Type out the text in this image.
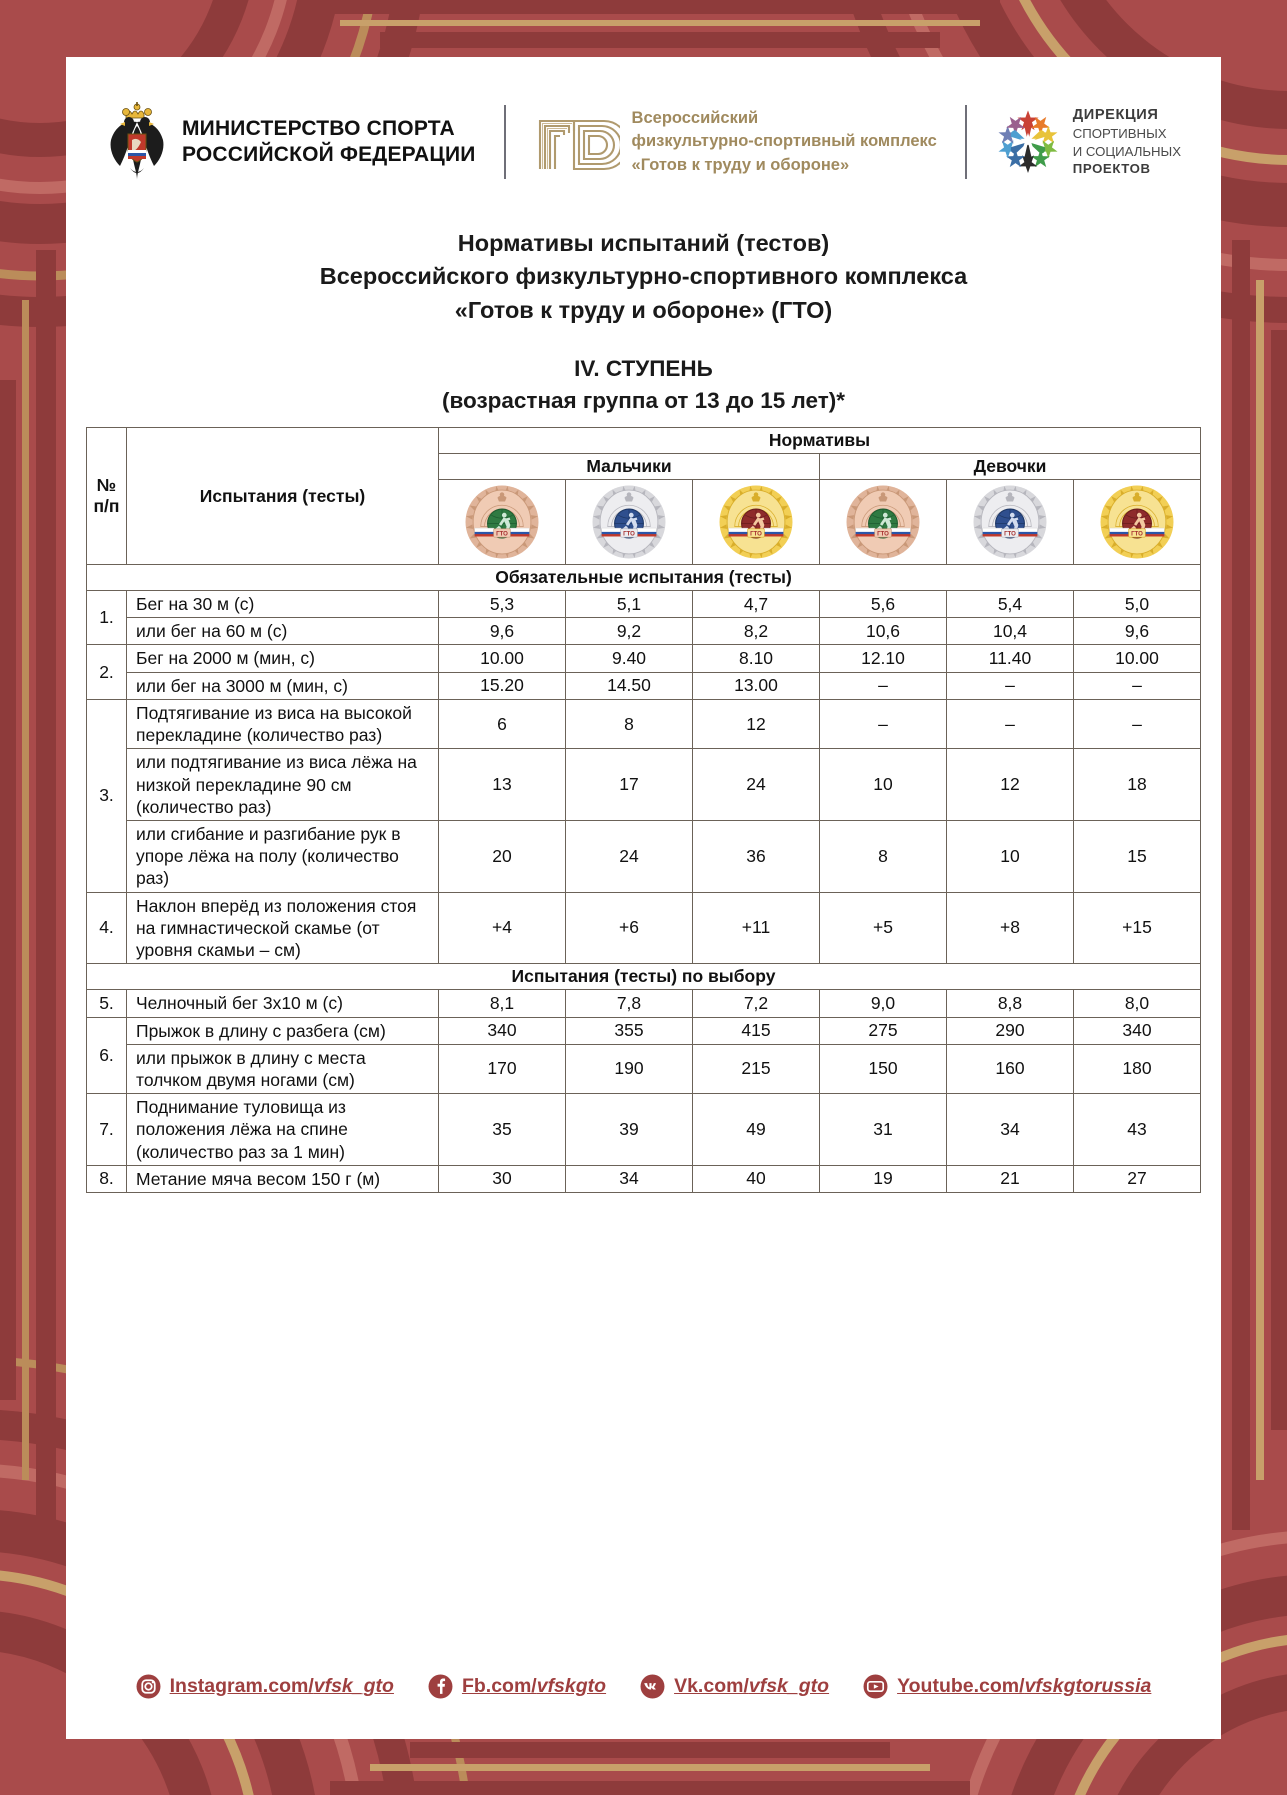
МИНИСТЕРСТВО СПОРТА
РОССИЙСКОЙ ФЕДЕРАЦИИ
Всероссийский
физкультурно-спортивный комплекс
«Готов к труду и обороне»
ДИРЕКЦИЯ
СПОРТИВНЫХ
И СОЦИАЛЬНЫХ
ПРОЕКТОВ
Нормативы испытаний (тестов)
Всероссийского физкультурно-спортивного комплекса
«Готов к труду и обороне» (ГТО)
IV. СТУПЕНЬ
(возрастная группа от 13 до 15 лет)*
№
п/п	Испытания (тесты)	Нормативы					
		Мальчики			Девочки		

ГТО	ГТО	ГТО	ГТО	ГТО	ГТО

Обязательные испытания (тесты)							
1.	Бег на 30 м (с)	5,3	5,1	4,7	5,6	5,4	5,0
	или бег на 60 м (с)	9,6	9,2	8,2	10,6	10,4	9,6
2.	Бег на 2000 м (мин, с)	10.00	9.40	8.10	12.10	11.40	10.00
	или бег на 3000 м (мин, с)	15.20	14.50	13.00	–	–	–
3.	Подтягивание из виса на высокой перекладине (количество раз)	6	8	12	–	–	–
	или подтягивание из виса лёжа на низкой перекладине 90 см (количество раз)	13	17	24	10	12	18
	или сгибание и разгибание рук в упоре лёжа на полу (количество раз)	20	24	36	8	10	15
4.	Наклон вперёд из положения стоя на гимнастической скамье (от уровня скамьи – см)	+4	+6	+11	+5	+8	+15
Испытания (тесты) по выбору							
5.	Челночный бег 3х10 м (с)	8,1	7,8	7,2	9,0	8,8	8,0
6.	Прыжок в длину с разбега (см)	340	355	415	275	290	340
	или прыжок в длину с места толчком двумя ногами (см)	170	190	215	150	160	180
7.	Поднимание туловища из положения лёжа на спине (количество раз за 1 мин)	35	39	49	31	34	43
8.	Метание мяча весом 150 г (м)	30	34	40	19	21	27
Instagram.com/vfsk_gto	Fb.com/vfskgto	Vk.com/vfsk_gto	Youtube.com/vfskgtorussia
